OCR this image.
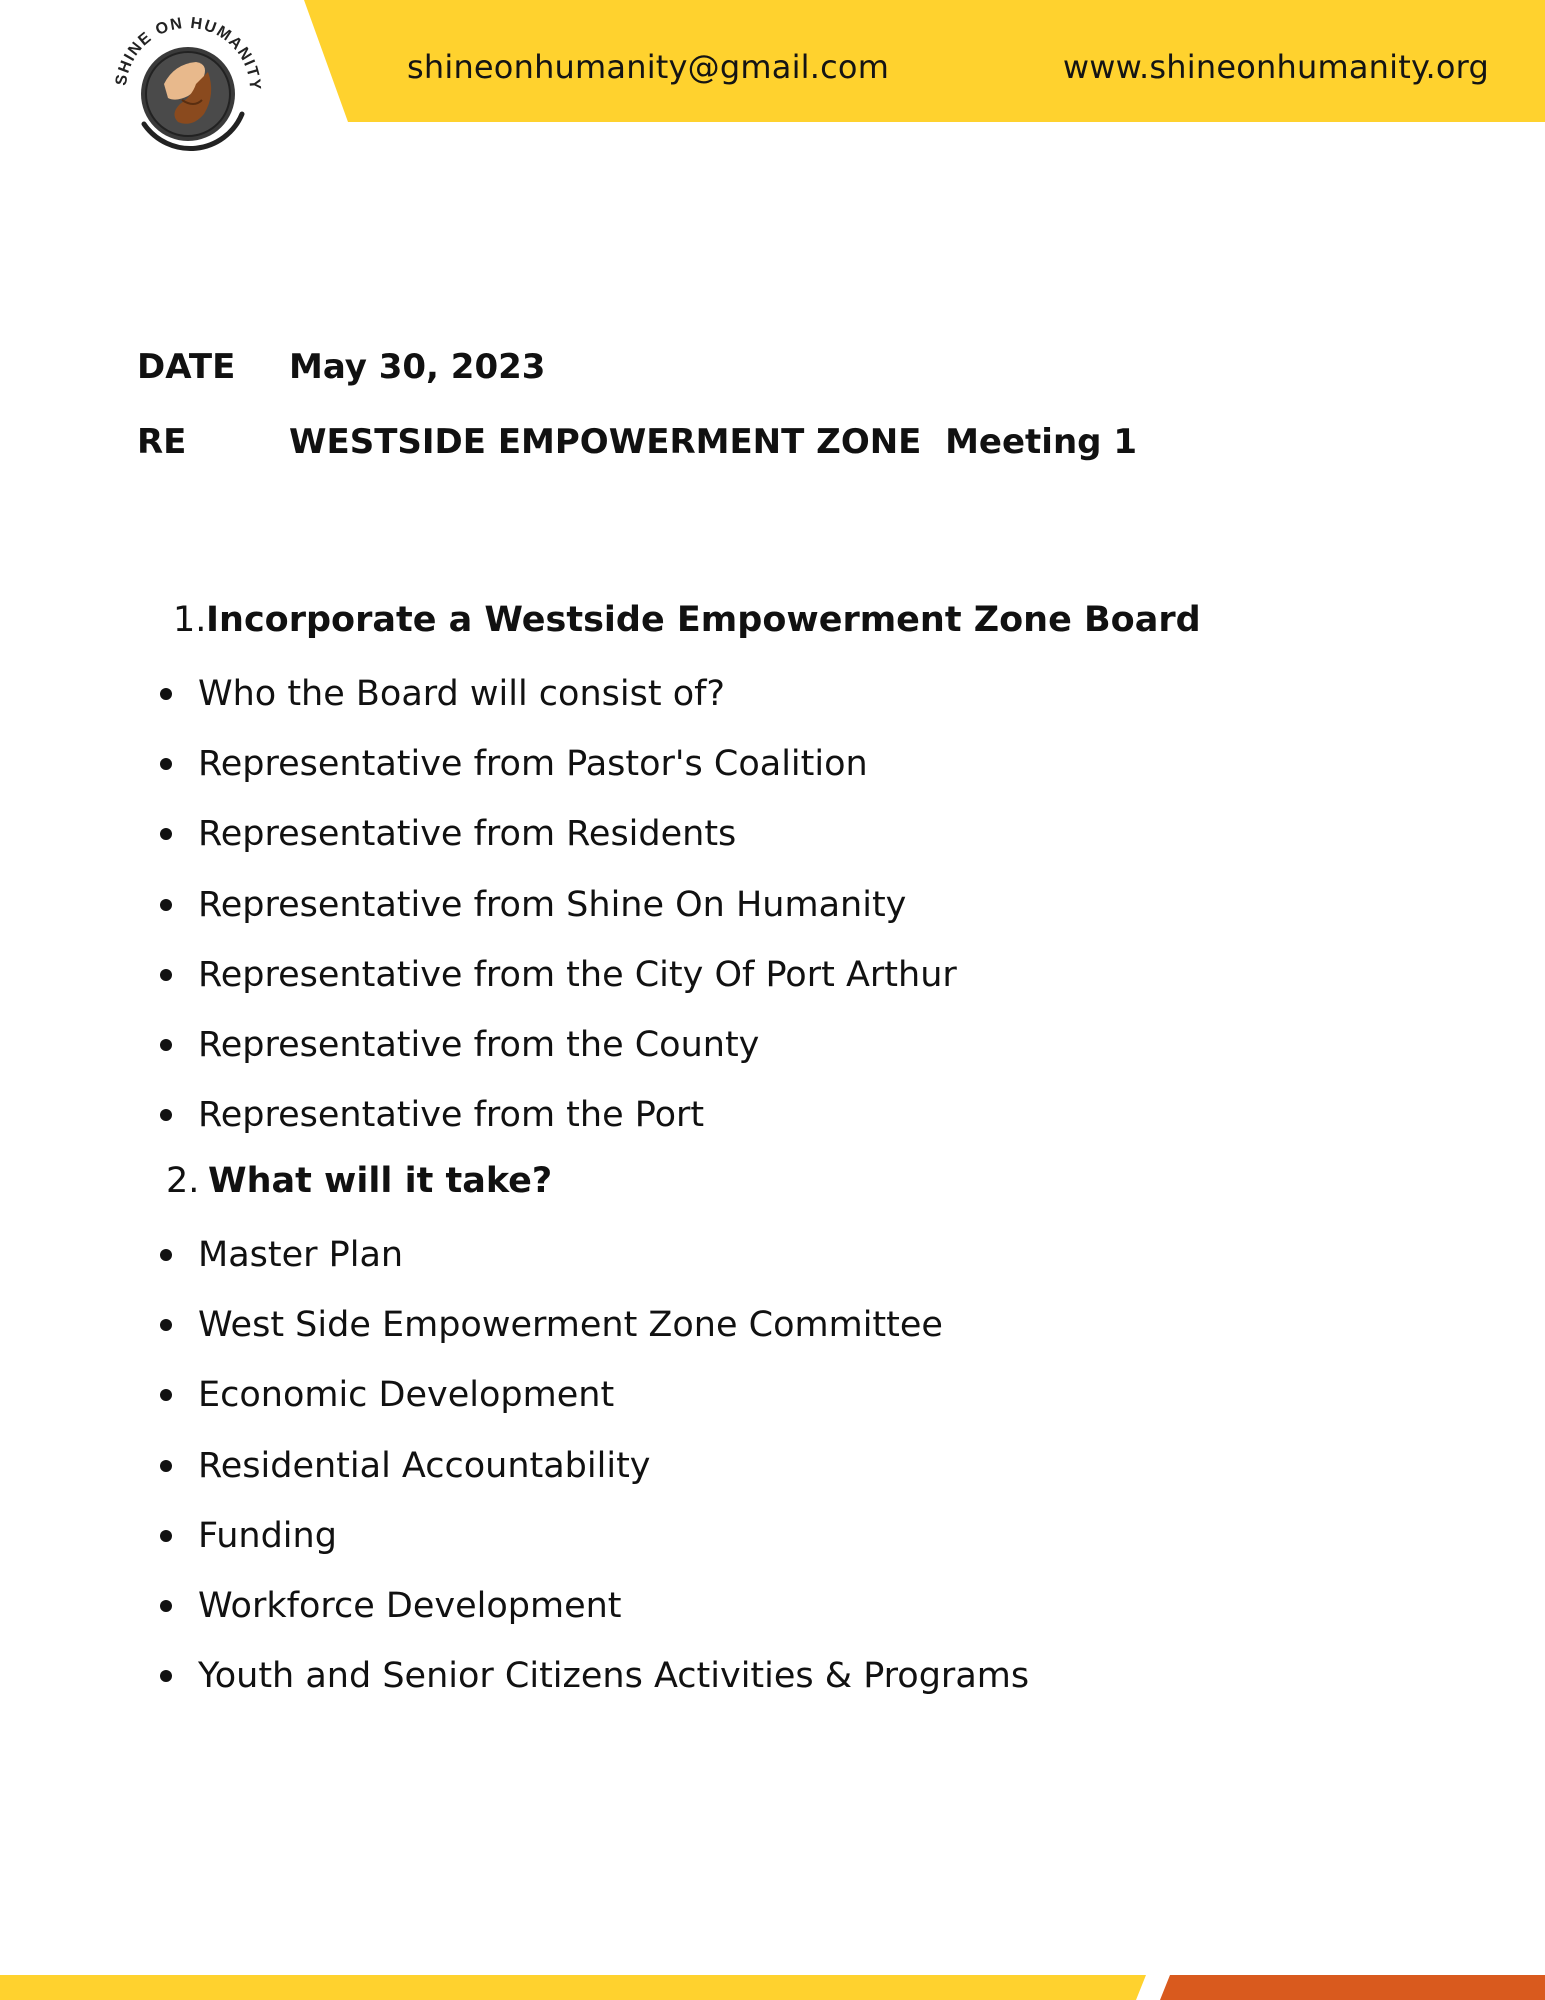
SHINE ON HUMANITY	shineonhumanity@gmail.com	www.shineonhumanity.org
DATE May 30, 2023
RE	WESTSIDE EMPOWERMENT ZONE  Meeting 1
1.Incorporate a Westside Empowerment Zone Board
Who the Board will consist of?
Representative from Pastor's Coalition
Representative from Residents
Representative from Shine On Humanity
Representative from the City Of Port Arthur
Representative from the County
Representative from the Port
2. What will it take?
Master Plan
West Side Empowerment Zone Committee
Economic Development
Residential Accountability
Funding
Workforce Development
Youth and Senior Citizens Activities & Programs
